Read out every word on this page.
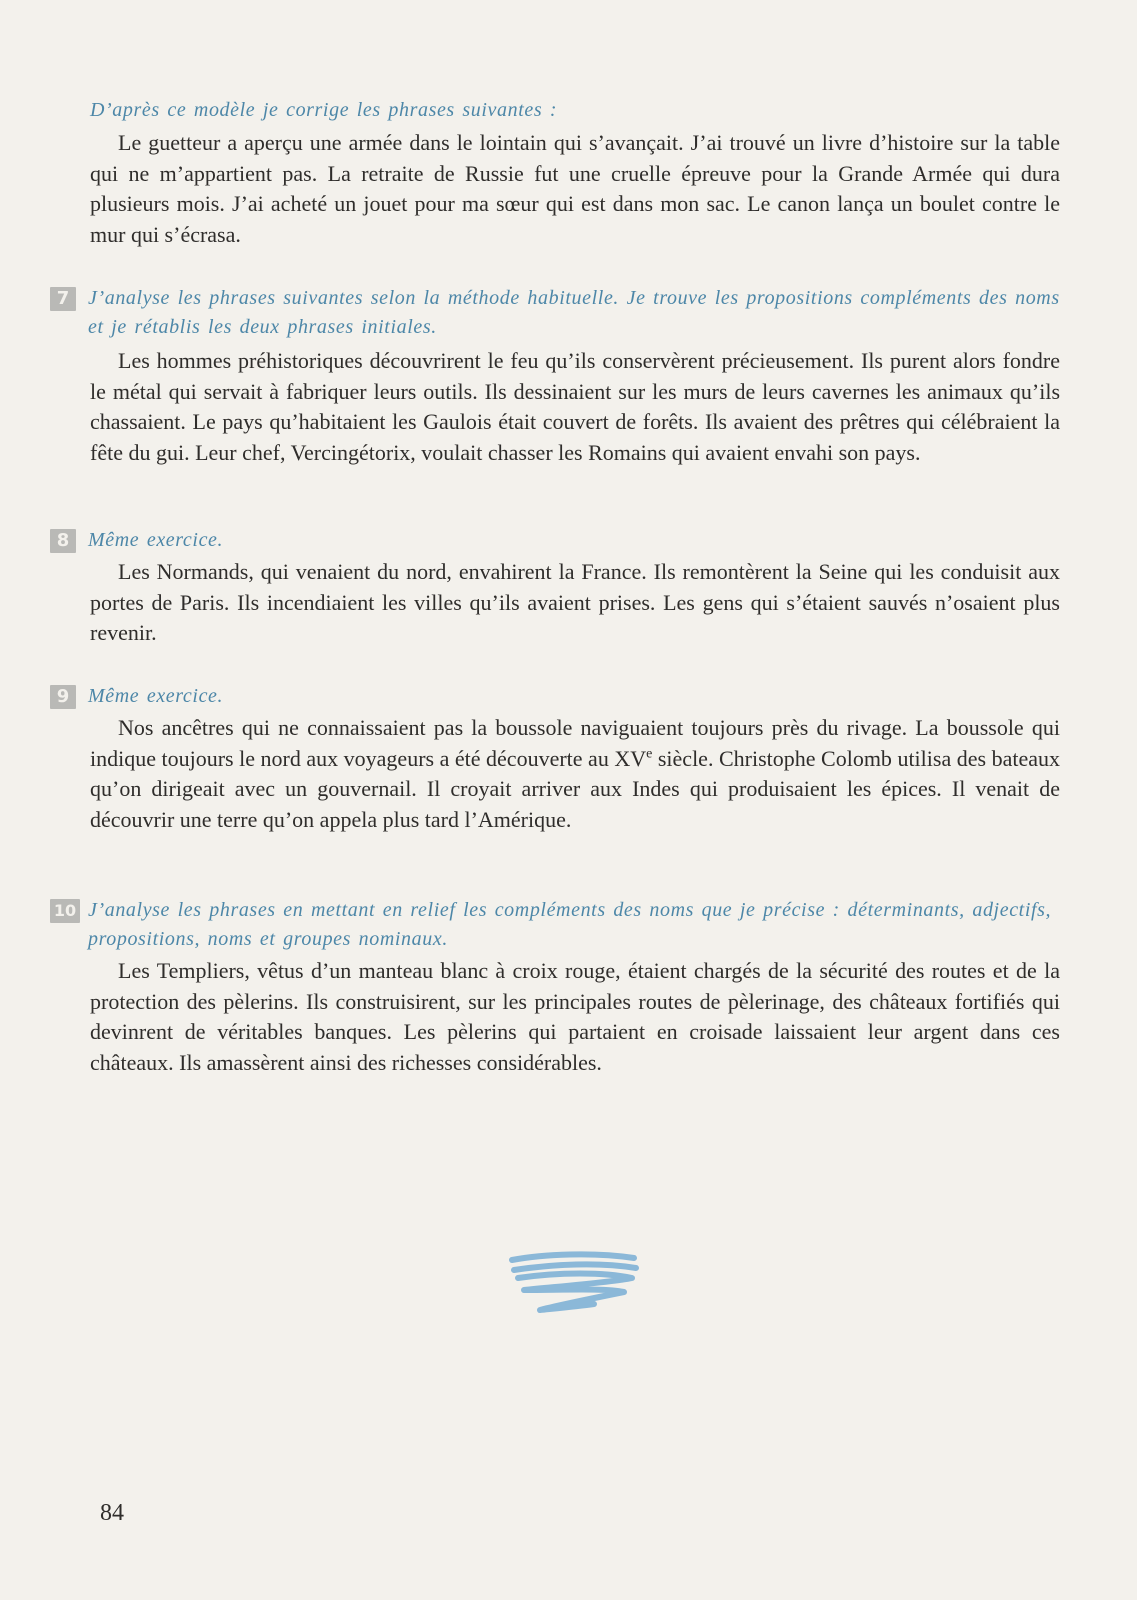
D’après ce modèle je corrige les phrases suivantes :

Le guetteur a aperçu une armée dans le lointain qui s’avançait. J’ai trouvé un livre d’histoire sur la table qui ne m’appartient pas. La retraite de Russie fut une cruelle épreuve pour la Grande Armée qui dura plusieurs mois. J’ai acheté un jouet pour ma sœur qui est dans mon sac. Le canon lança un boulet contre le mur qui s’écrasa.

7 J’analyse les phrases suivantes selon la méthode habituelle. Je trouve les propositions compléments des noms et je rétablis les deux phrases initiales.

Les hommes préhistoriques découvrirent le feu qu’ils conservèrent précieusement. Ils purent alors fondre le métal qui servait à fabriquer leurs outils. Ils dessinaient sur les murs de leurs cavernes les animaux qu’ils chassaient. Le pays qu’habitaient les Gaulois était couvert de forêts. Ils avaient des prêtres qui célébraient la fête du gui. Leur chef, Vercingétorix, voulait chasser les Romains qui avaient envahi son pays.

8 Même exercice.

Les Normands, qui venaient du nord, envahirent la France. Ils remontèrent la Seine qui les conduisit aux portes de Paris. Ils incendiaient les villes qu’ils avaient prises. Les gens qui s’étaient sauvés n’osaient plus revenir.

9 Même exercice.

Nos ancêtres qui ne connaissaient pas la boussole naviguaient toujours près du rivage. La boussole qui indique toujours le nord aux voyageurs a été découverte au XVe siècle. Christophe Colomb utilisa des bateaux qu’on dirigeait avec un gouvernail. Il croyait arriver aux Indes qui produisaient les épices. Il venait de découvrir une terre qu’on appela plus tard l’Amérique.

10 J’analyse les phrases en mettant en relief les compléments des noms que je précise : déterminants, adjectifs, propositions, noms et groupes nominaux.

Les Templiers, vêtus d’un manteau blanc à croix rouge, étaient chargés de la sécurité des routes et de la protection des pèlerins. Ils construisirent, sur les principales routes de pèlerinage, des châteaux fortifiés qui devinrent de véritables banques. Les pèlerins qui partaient en croisade laissaient leur argent dans ces châteaux. Ils amassèrent ainsi des richesses considérables.

84
